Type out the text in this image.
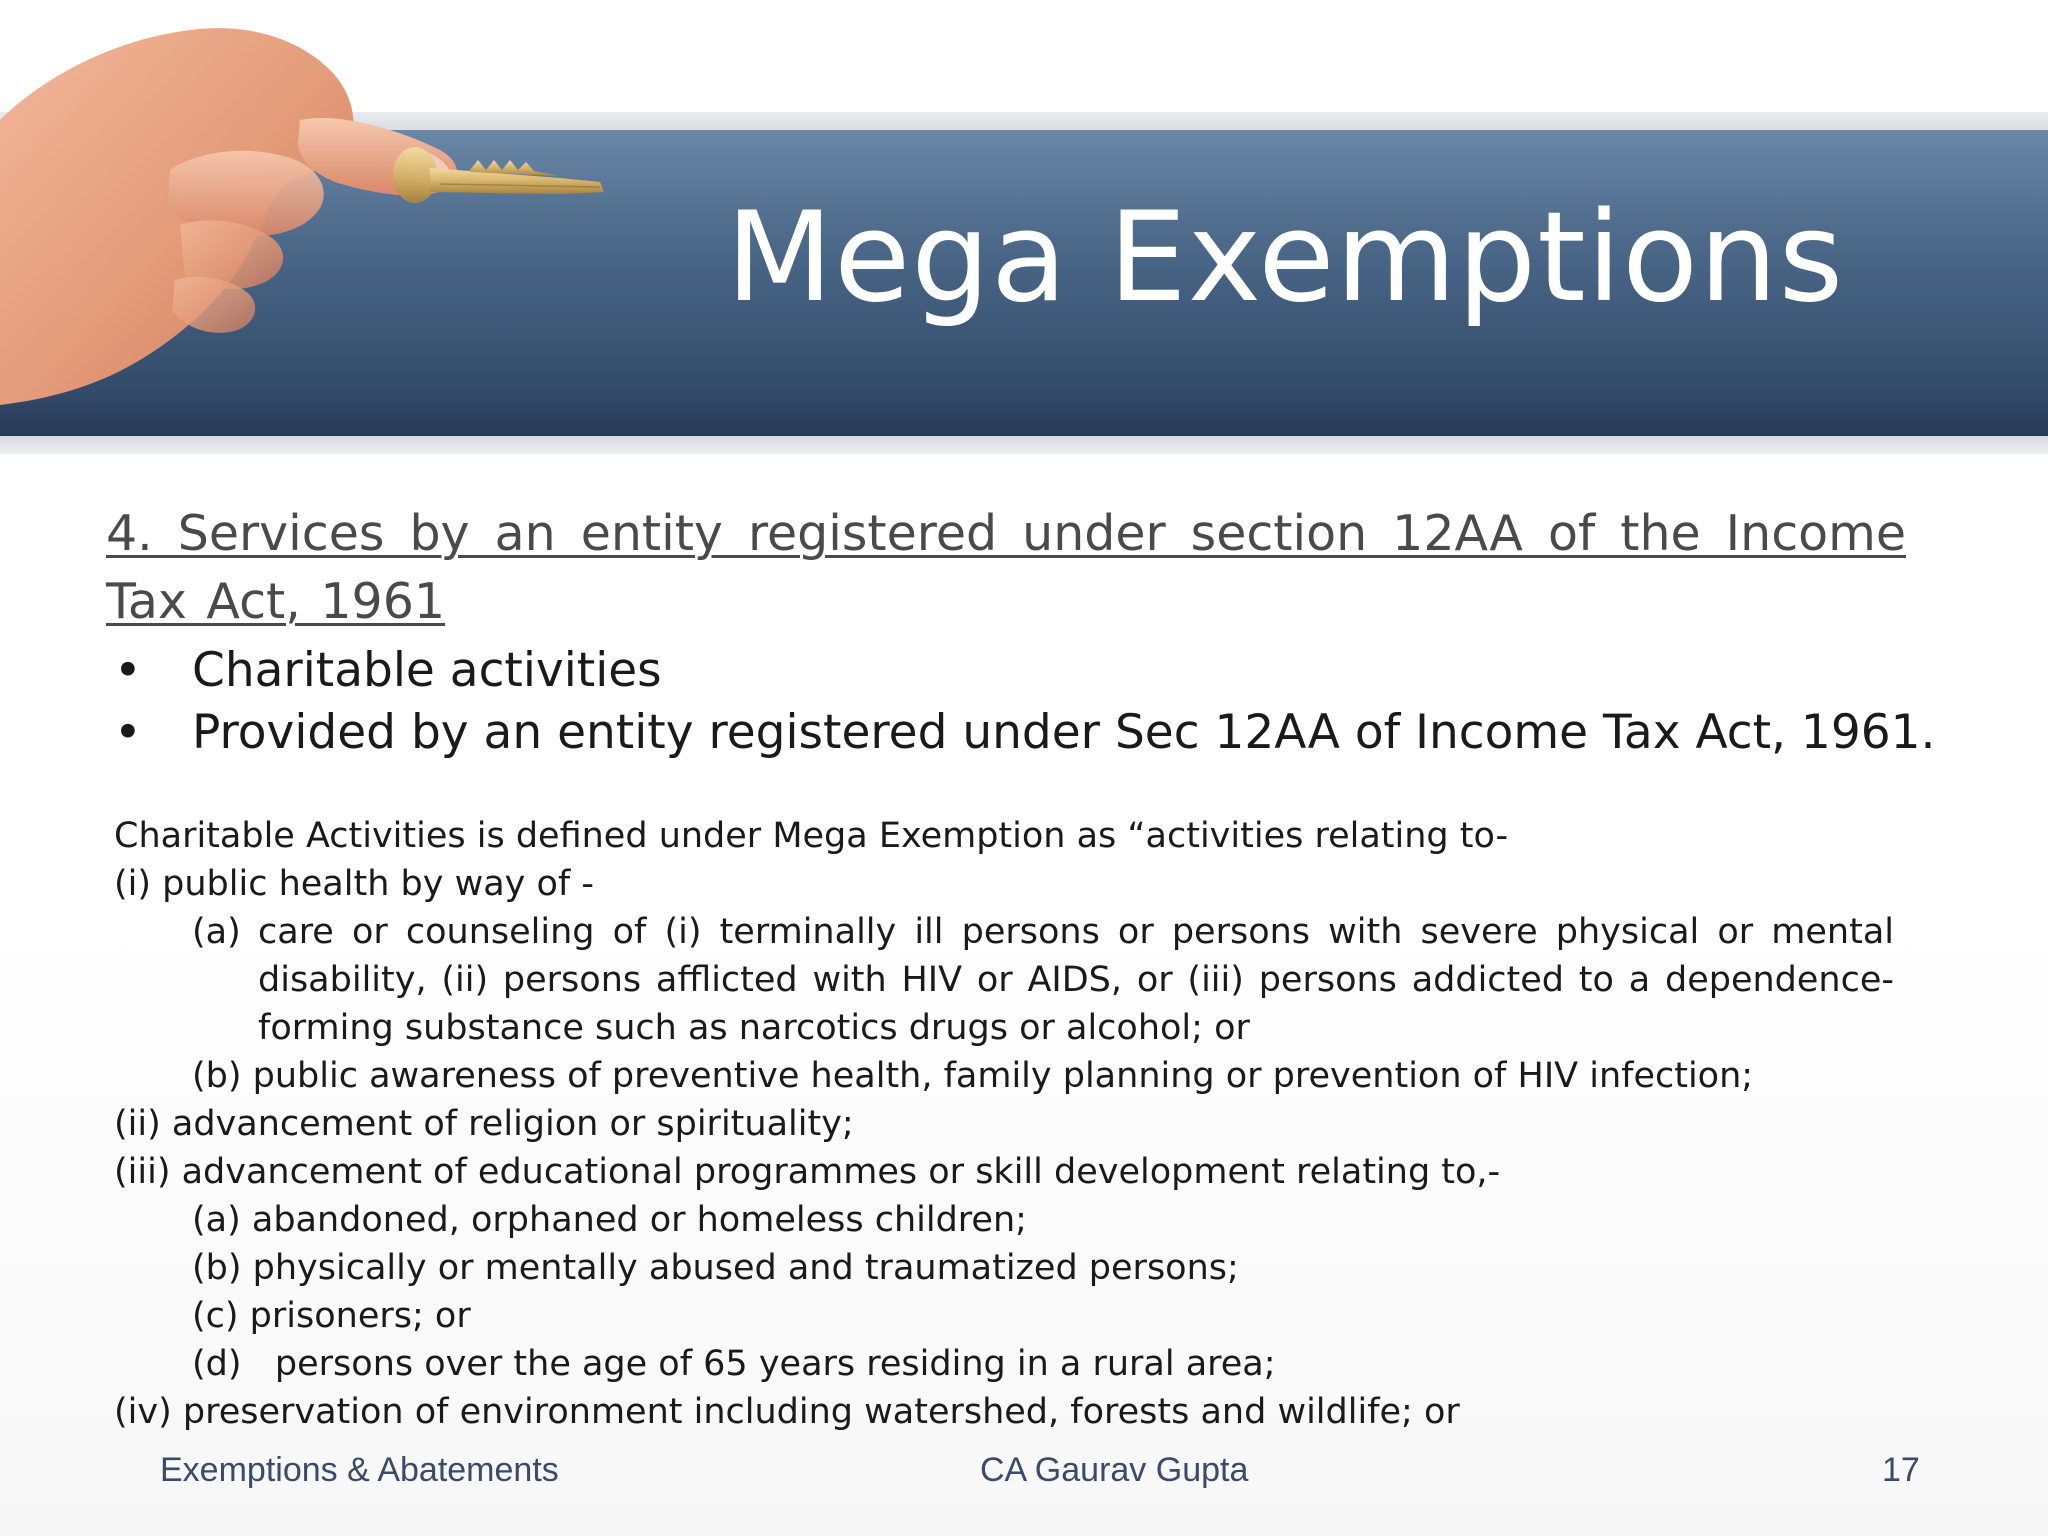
Mega Exemptions
4. Services by an entity registered under section 12AA of the Income Tax Act, 1961
• Charitable activities
• Provided by an entity registered under Sec 12AA of Income Tax Act, 1961.
Charitable Activities is defined under Mega Exemption as “activities relating to-
(i) public health by way of -
(a) care or counseling of (i) terminally ill persons or persons with severe physical or mental disability, (ii) persons afflicted with HIV or AIDS, or (iii) persons addicted to a dependence-forming substance such as narcotics drugs or alcohol; or
(b) public awareness of preventive health, family planning or prevention of HIV infection;
(ii) advancement of religion or spirituality;
(iii) advancement of educational programmes or skill development relating to,-
(a) abandoned, orphaned or homeless children;
(b) physically or mentally abused and traumatized persons;
(c) prisoners; or
(d)   persons over the age of 65 years residing in a rural area;
(iv) preservation of environment including watershed, forests and wildlife; or
Exemptions & Abatements	CA Gaurav Gupta	17
